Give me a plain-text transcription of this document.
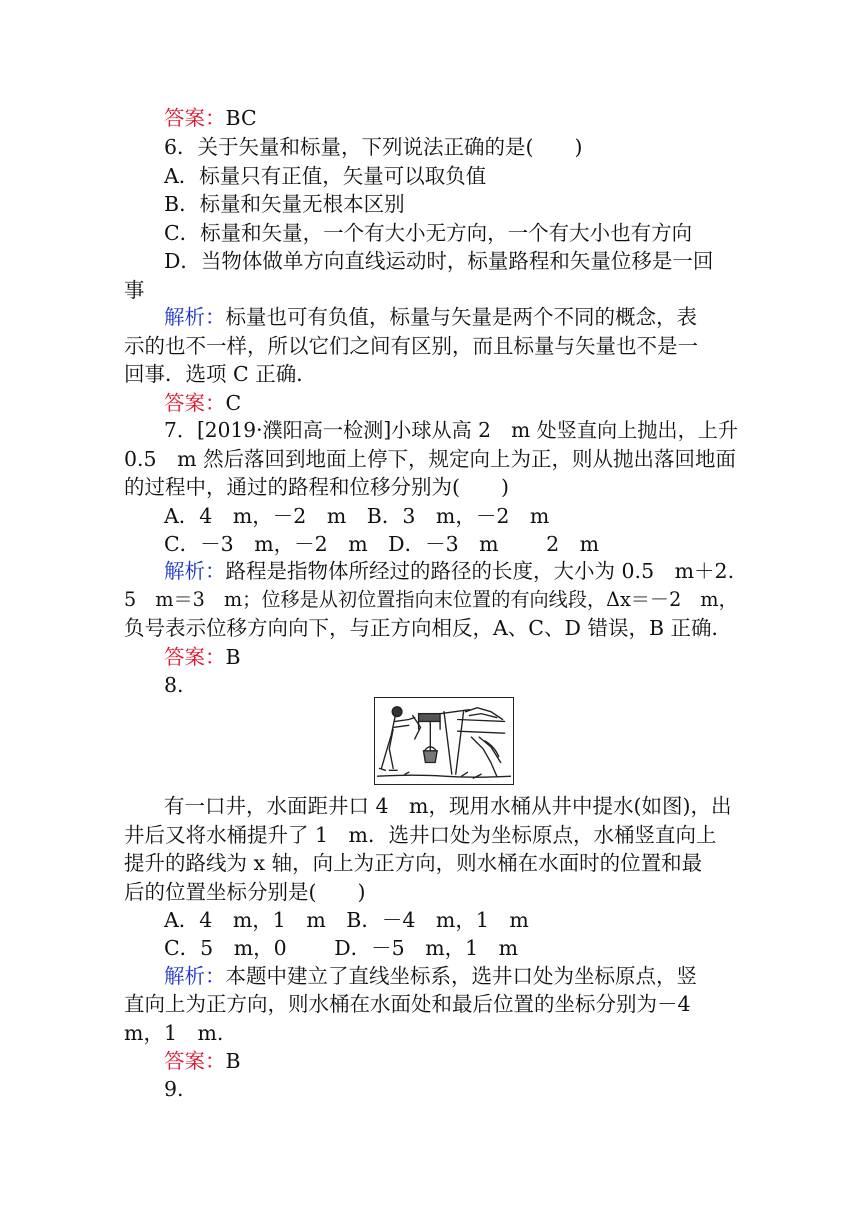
答案：BC
6．关于矢量和标量，下列说法正确的是(　　)
A．标量只有正值，矢量可以取负值
B．标量和矢量无根本区别
C．标量和矢量，一个有大小无方向，一个有大小也有方向
D．当物体做单方向直线运动时，标量路程和矢量位移是一回
事
解析：标量也可有负值，标量与矢量是两个不同的概念，表
示的也不一样，所以它们之间有区别，而且标量与矢量也不是一
回事．选项 C 正确．
答案：C
7．[2019·濮阳高一检测]小球从高 2　m 处竖直向上抛出，上升
0.5　m 然后落回到地面上停下，规定向上为正，则从抛出落回地面
的过程中，通过的路程和位移分别为(　　)
A．4　m，－2　m　B．3　m，－2　m
C．－3　m，－2　m　D．－3　m　　 2　m
解析：路程是指物体所经过的路径的长度，大小为 0.5　m＋2.
5　m＝3　m；位移是从初位置指向末位置的有向线段，Δx＝－2　m，
负号表示位移方向向下，与正方向相反，A、C、D 错误，B 正确．
答案：B
8.
有一口井，水面距井口 4　m，现用水桶从井中提水(如图)，出
井后又将水桶提升了 1　m．选井口处为坐标原点，水桶竖直向上
提升的路线为 x 轴，向上为正方向，则水桶在水面时的位置和最
后的位置坐标分别是(　　)
A．4　m，1　m　B．－4　m，1　m
C．5　m，0　　 D．－5　m，1　m
解析：本题中建立了直线坐标系，选井口处为坐标原点，竖
直向上为正方向，则水桶在水面处和最后位置的坐标分别为－4
m，1　m.
答案：B
9.
